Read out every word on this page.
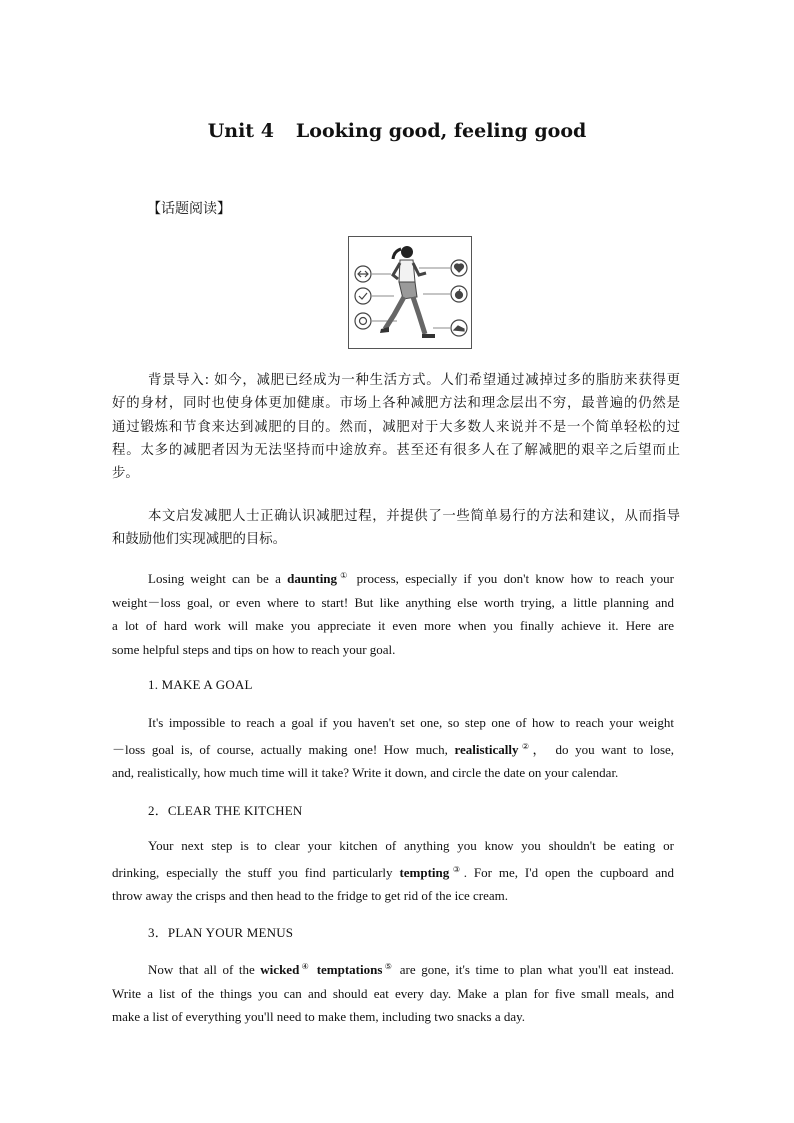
Unit 4 Looking good, feeling good
【话题阅读】
背景导入: 如今，减肥已经成为一种生活方式。人们希望通过减掉过多的脂肪来获得更
好的身材，同时也使身体更加健康。市场上各种减肥方法和理念层出不穷，最普遍的仍然是
通过锻炼和节食来达到减肥的目的。然而，减肥对于大多数人来说并不是一个简单轻松的过
程。太多的减肥者因为无法坚持而中途放弃。甚至还有很多人在了解减肥的艰辛之后望而止
步。
本文启发减肥人士正确认识减肥过程，并提供了一些简单易行的方法和建议，从而指导
和鼓励他们实现减肥的目标。
Losing weight can be a daunting① process, especially if you don't know how to reach your
weight－loss goal, or even where to start! But like anything else worth trying, a little planning and
a lot of hard work will make you appreciate it even more when you finally achieve it. Here are
some helpful steps and tips on how to reach your goal.
1. MAKE A GOAL
It's impossible to reach a goal if you haven't set one, so step one of how to reach your weight
－loss goal is, of course, actually making one! How much, realistically②， do you want to lose,
and, realistically, how much time will it take? Write it down, and circle the date on your calendar.
2．CLEAR THE KITCHEN
Your next step is to clear your kitchen of anything you know you shouldn't be eating or
drinking, especially the stuff you find particularly tempting③. For me, I'd open the cupboard and
throw away the crisps and then head to the fridge to get rid of the ice cream.
3．PLAN YOUR MENUS
Now that all of the wicked④ temptations⑤ are gone, it's time to plan what you'll eat instead.
Write a list of the things you can and should eat every day. Make a plan for five small meals, and
make a list of everything you'll need to make them, including two snacks a day.
